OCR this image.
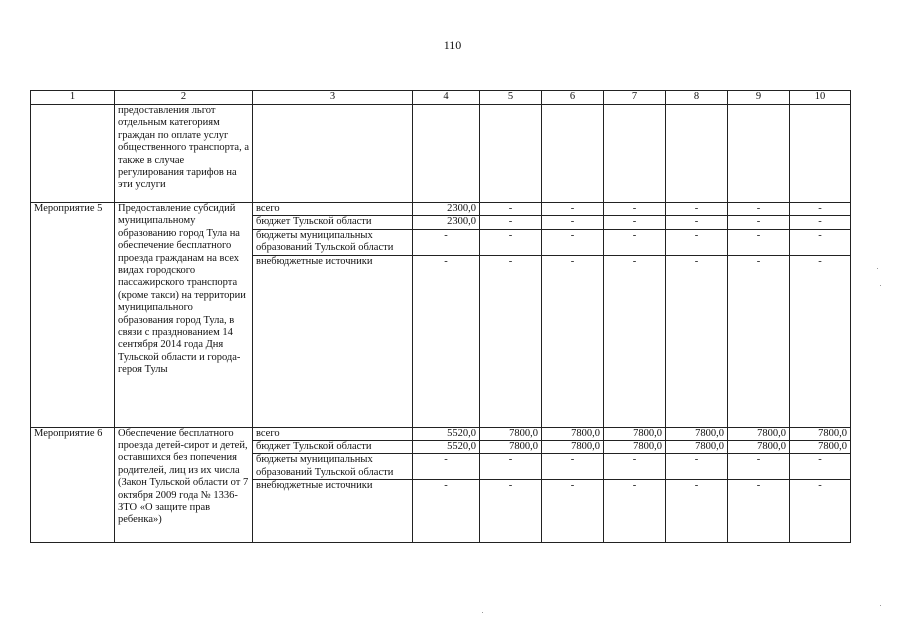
110
1	2	3	4	5	6	7	8	9	10
	предоставления льгот отдельным категориям граждан по оплате услуг общественного транспорта, а также в случае регулирования тарифов на эти услуги								
Мероприятие 5	Предоставление субсидий муниципальному образованию город Тула на обеспечение бесплатного проезда гражданам на всех видах городского пассажирского транспорта (кроме такси) на территории муниципального образования город Тула, в связи с празднованием 14 сентября 2014 года Дня Тульской области и города-героя Тулы	всего	2300,0	-	-	-	-	-	-
		бюджет Тульской области	2300,0	-	-	-	-	-	-
		бюджеты муниципальных образований Тульской области	-	-	-	-	-	-	-
		внебюджетные источники	-	-	-	-	-	-	-
Мероприятие 6	Обеспечение бесплатного проезда детей-сирот и детей, оставшихся без попечения родителей, лиц из их числа (Закон Тульской области от 7 октября 2009 года № 1336-ЗТО «О защите прав ребенка»)	всего	5520,0	7800,0	7800,0	7800,0	7800,0	7800,0	7800,0
		бюджет Тульской области	5520,0	7800,0	7800,0	7800,0	7800,0	7800,0	7800,0
		бюджеты муниципальных образований Тульской области	-	-	-	-	-	-	-
		внебюджетные источники	-	-	-	-	-	-	-
